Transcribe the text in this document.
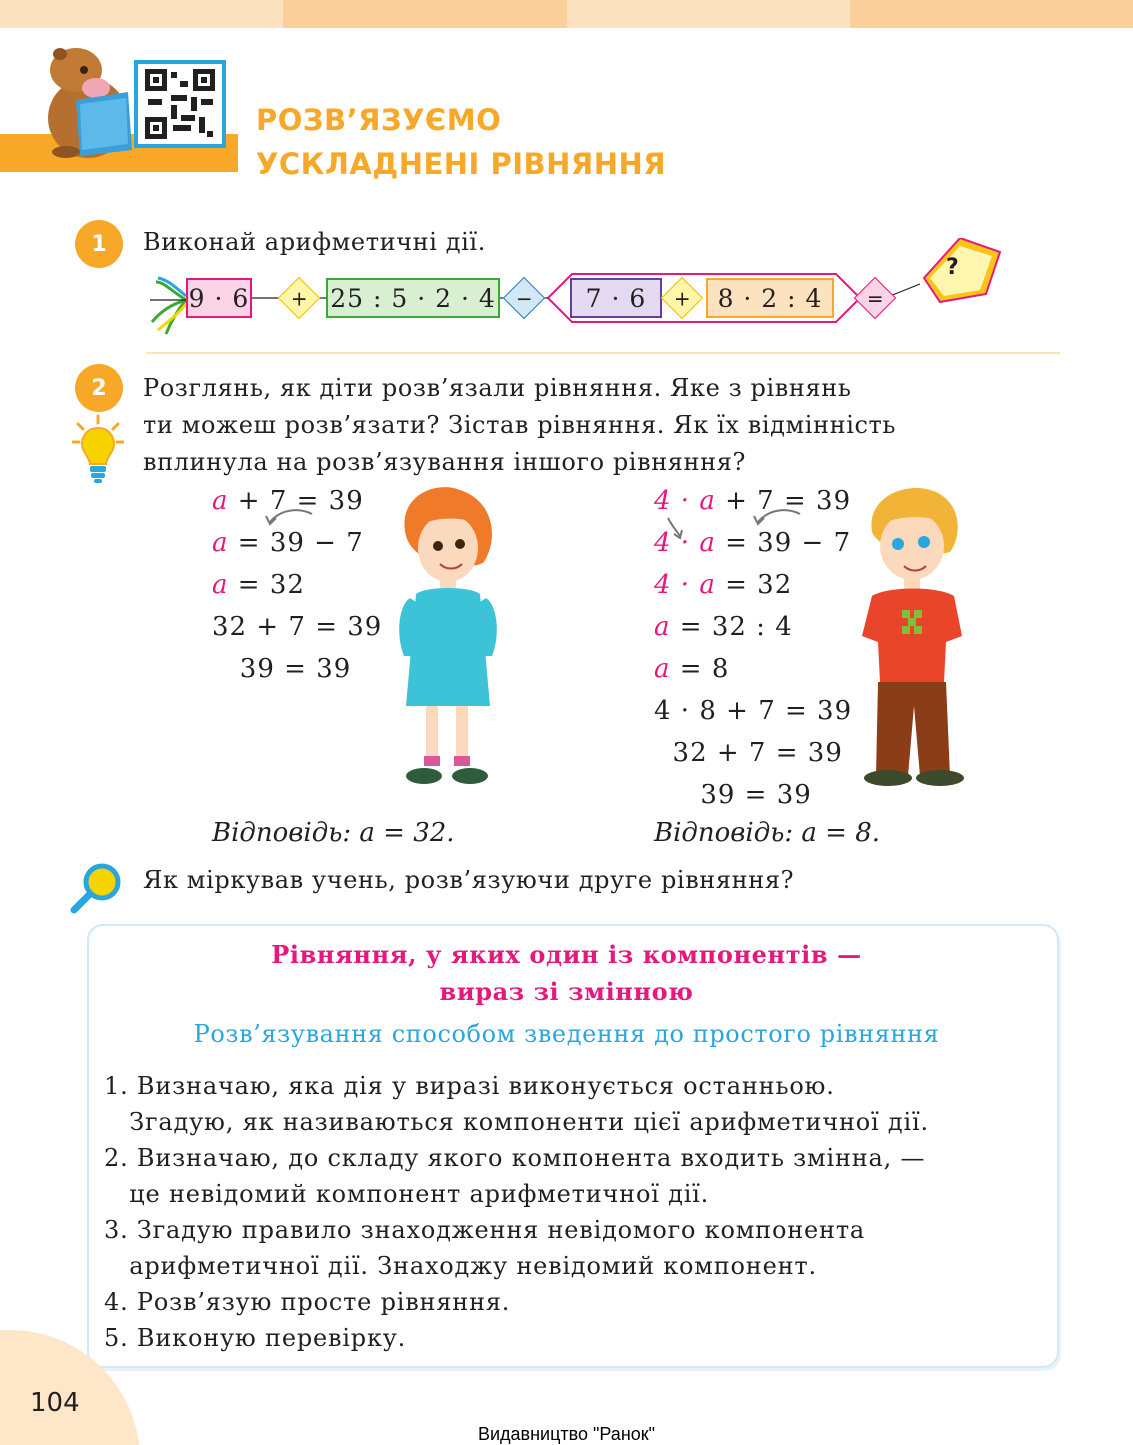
РОЗВ’ЯЗУЄМО
УСКЛАДНЕНІ РІВНЯННЯ
1	Виконай арифметичні дії.
9 · 6 + 25 : 5 · 2 · 4 − 7 · 6 + 8 · 2 : 4 =
?
2	Розглянь, як діти розв’язали рівняння. Яке з рівнянь
ти можеш розв’язати? Зістав рівняння. Як їх відмінність
вплинула на розв’язування іншого рівняння?
a + 7 = 39
a = 39 − 7
a = 32
32 + 7 = 39
39 = 39
4 · a + 7 = 39
4 · a = 39 − 7
4 · a = 32
a = 32 : 4
a = 8
4 · 8 + 7 = 39
32 + 7 = 39
39 = 39
Відповідь: a = 32.	Відповідь: a = 8.
Як міркував учень, розв’язуючи друге рівняння?
Рівняння, у яких один із компонентів —
вираз зі змінною
Розв’язування способом зведення до простого рівняння
1. Визначаю, яка дія у виразі виконується останньою.
Згадую, як називаються компоненти цієї арифметичної дії.
2. Визначаю, до складу якого компонента входить змінна, —
це невідомий компонент арифметичної дії.
3. Згадую правило знаходження невідомого компонента
арифметичної дії. Знаходжу невідомий компонент.
4. Розв’язую просте рівняння.
5. Виконую перевірку.
104
Видавництво "Ранок"
